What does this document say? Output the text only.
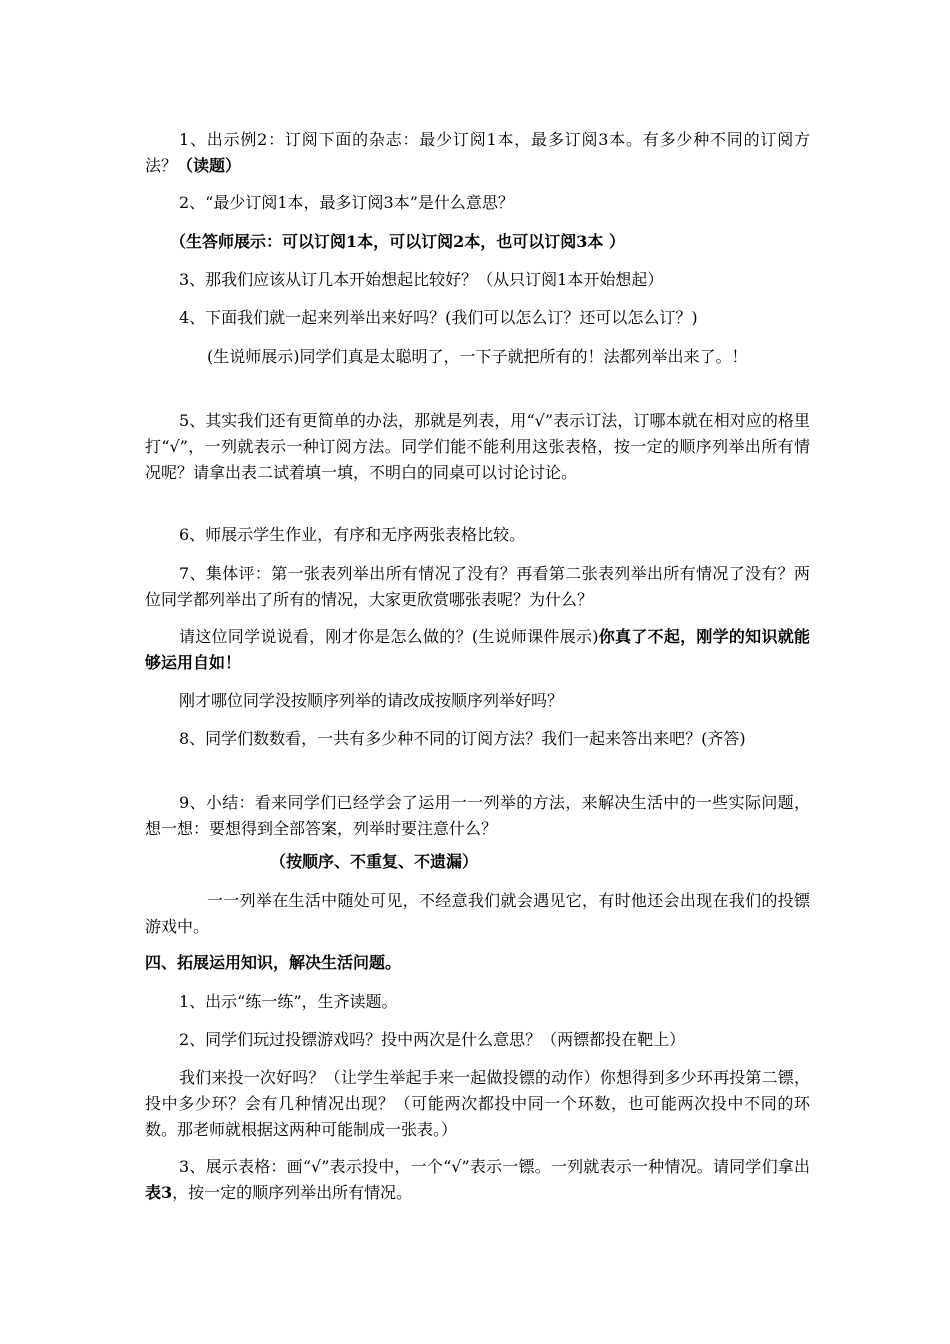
1、出示例2：订阅下面的杂志：最少订阅1本，最多订阅3本。有多少种不同的订阅方法？（读题）

2、“最少订阅1本，最多订阅3本”是什么意思？

（生答师展示：可以订阅1本，可以订阅2本，也可以订阅3本 ）

3、那我们应该从订几本开始想起比较好？（从只订阅1本开始想起）

4、下面我们就一起来列举出来好吗？(我们可以怎么订？还可以怎么订？)

(生说师展示)同学们真是太聪明了，一下子就把所有的！法都列举出来了。！

5、其实我们还有更简单的办法，那就是列表，用“√”表示订法，订哪本就在相对应的格里打“√”，一列就表示一种订阅方法。同学们能不能利用这张表格，按一定的顺序列举出所有情况呢？请拿出表二试着填一填，不明白的同桌可以讨论讨论。

6、师展示学生作业，有序和无序两张表格比较。

7、集体评：第一张表列举出所有情况了没有？再看第二张表列举出所有情况了没有？两位同学都列举出了所有的情况，大家更欣赏哪张表呢？为什么？

请这位同学说说看，刚才你是怎么做的？(生说师课件展示)你真了不起，刚学的知识就能够运用自如！

刚才哪位同学没按顺序列举的请改成按顺序列举好吗？

8、同学们数数看，一共有多少种不同的订阅方法？我们一起来答出来吧？(齐答)

9、小结：看来同学们已经学会了运用一一列举的方法，来解决生活中的一些实际问题，想一想：要想得到全部答案，列举时要注意什么？

（按顺序、不重复、不遗漏）

一一列举在生活中随处可见，不经意我们就会遇见它，有时他还会出现在我们的投镖游戏中。

四、拓展运用知识，解决生活问题。

1、出示“练一练”，生齐读题。

2、同学们玩过投镖游戏吗？投中两次是什么意思？（两镖都投在靶上）

我们来投一次好吗？（让学生举起手来一起做投镖的动作）你想得到多少环再投第二镖，投中多少环？会有几种情况出现？（可能两次都投中同一个环数，也可能两次投中不同的环数。那老师就根据这两种可能制成一张表。）

3、展示表格：画“√”表示投中，一个“√”表示一镖。一列就表示一种情况。请同学们拿出表3，按一定的顺序列举出所有情况。
